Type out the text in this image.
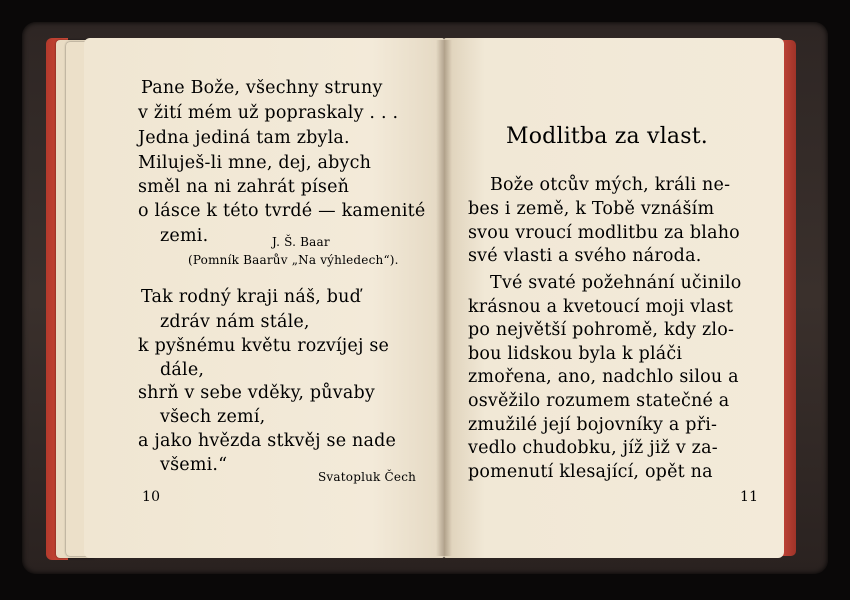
Pane Bože, všechny struny
v žití mém už popraskaly . . .
Jedna jediná tam zbyla.
Miluješ-li mne, dej, abych
směl na ni zahrát píseň
o lásce k této tvrdé — kamenité
zemi.	J. Š. Baar
(Pomník Baarův „Na výhledech“).
Tak rodný kraji náš, buď
zdráv nám stále,
k pyšnému květu rozvíjej se
dále,
shrň v sebe vděky, půvaby
všech zemí,
a jako hvězda stkvěj se nade
všemi.“
Svatopluk Čech
10
Modlitba za vlast.
Bože otcův mých, králi ne-
bes i země, k Tobě vznáším
svou vroucí modlitbu za blaho
své vlasti a svého národa.
Tvé svaté požehnání učinilo
krásnou a kvetoucí moji vlast
po největší pohromě, kdy zlo-
bou lidskou byla k pláči
zmořena, ano, nadchlo silou a
osvěžilo rozumem statečné a
zmužilé její bojovníky a při-
vedlo chudobku, jíž již v za-
pomenutí klesající, opět na
11
